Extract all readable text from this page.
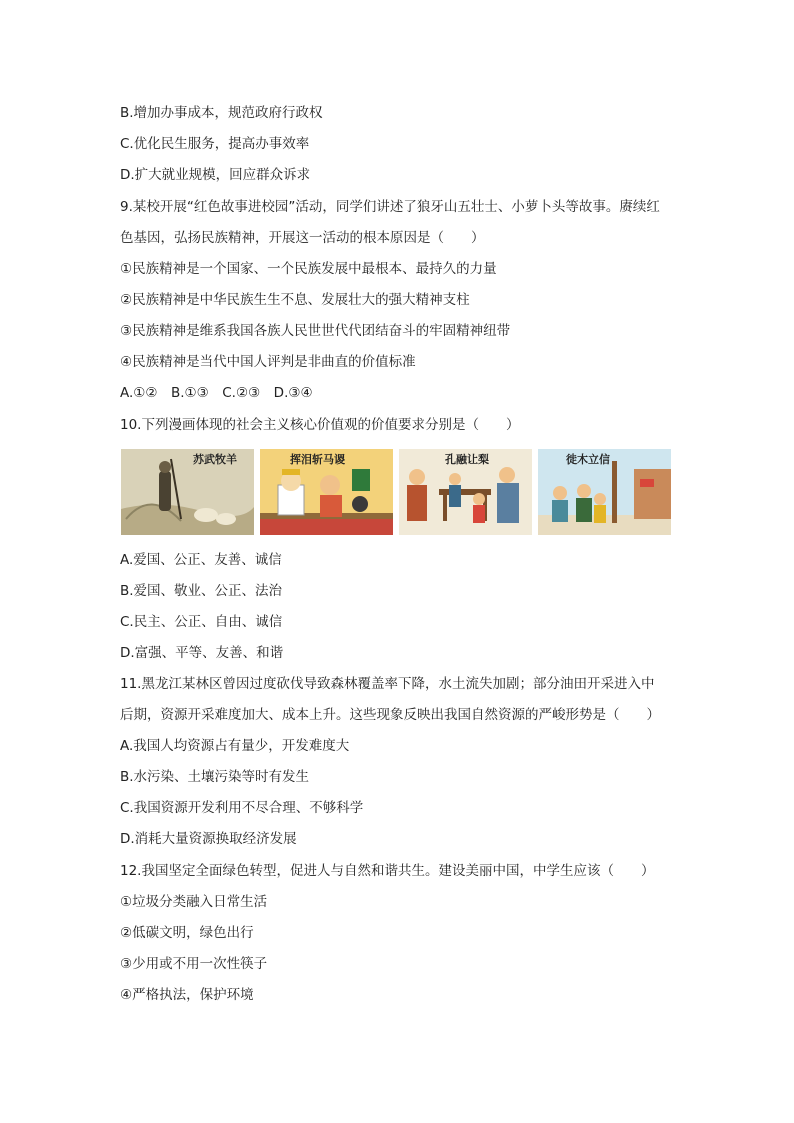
B.增加办事成本，规范政府行政权
C.优化民生服务，提高办事效率
D.扩大就业规模，回应群众诉求
9.某校开展“红色故事进校园”活动，同学们讲述了狼牙山五壮士、小萝卜头等故事。赓续红
色基因，弘扬民族精神，开展这一活动的根本原因是（　　）
①民族精神是一个国家、一个民族发展中最根本、最持久的力量
②民族精神是中华民族生生不息、发展壮大的强大精神支柱
③民族精神是维系我国各族人民世世代代团结奋斗的牢固精神纽带
④民族精神是当代中国人评判是非曲直的价值标准
A.①②　B.①③　C.②③　D.③④
10.下列漫画体现的社会主义核心价值观的价值要求分别是（　　）
苏武牧羊	挥泪斩马谡	孔融让梨	徙木立信
A.爱国、公正、友善、诚信
B.爱国、敬业、公正、法治
C.民主、公正、自由、诚信
D.富强、平等、友善、和谐
11.黑龙江某林区曾因过度砍伐导致森林覆盖率下降，水土流失加剧；部分油田开采进入中
后期，资源开采难度加大、成本上升。这些现象反映出我国自然资源的严峻形势是（　　）
A.我国人均资源占有量少，开发难度大
B.水污染、土壤污染等时有发生
C.我国资源开发利用不尽合理、不够科学
D.消耗大量资源换取经济发展
12.我国坚定全面绿色转型，促进人与自然和谐共生。建设美丽中国，中学生应该（　　）
①垃圾分类融入日常生活
②低碳文明，绿色出行
③少用或不用一次性筷子
④严格执法，保护环境
